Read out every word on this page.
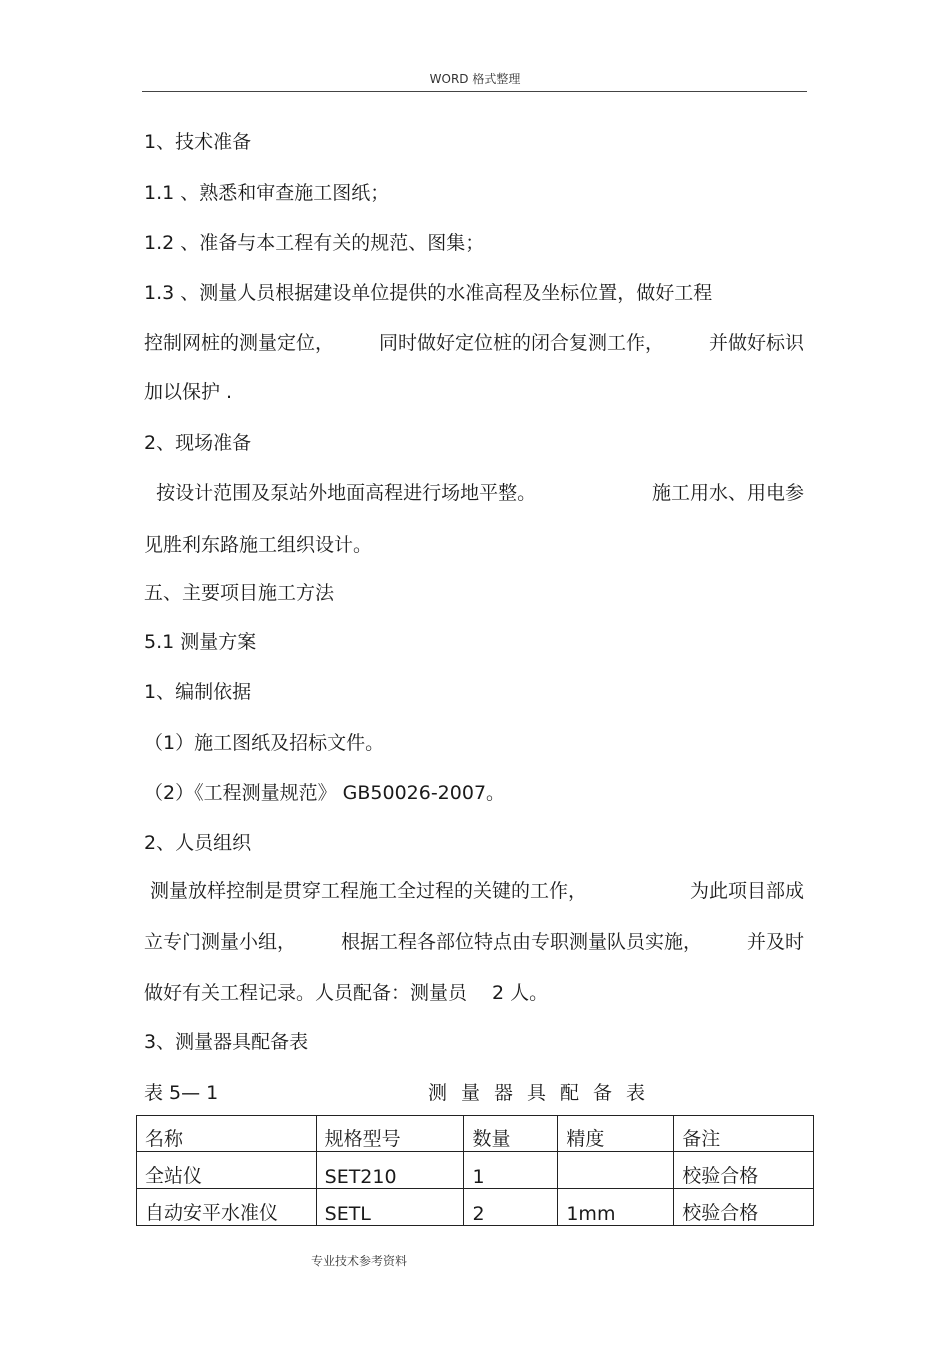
WORD 格式整理
1、技术准备
1.1 、熟悉和审查施工图纸；
1.2 、准备与本工程有关的规范、图集；
1.3 、测量人员根据建设单位提供的水准高程及坐标位置，做好工程
控制网桩的测量定位， 同时做好定位桩的闭合复测工作， 并做好标识
加以保护 .
2、现场准备
按设计范围及泵站外地面高程进行场地平整。	施工用水、用电参
见胜利东路施工组织设计。
五、主要项目施工方法
5.1 测量方案
1、编制依据
（1）施工图纸及招标文件。
（2）《工程测量规范》 GB50026-2007。
2、人员组织
测量放样控制是贯穿工程施工全过程的关键的工作，	为此项目部成
立专门测量小组， 根据工程各部位特点由专职测量队员实施， 并及时
做好有关工程记录。人员配备：测量员 　2 人。
3、测量器具配备表
表 5— 1	测量器具配备表
名称	规格型号	数量	精度	备注
全站仪	SET210	1		校验合格
自动安平水准仪	SETL	2	1mm	校验合格
专业技术参考资料
